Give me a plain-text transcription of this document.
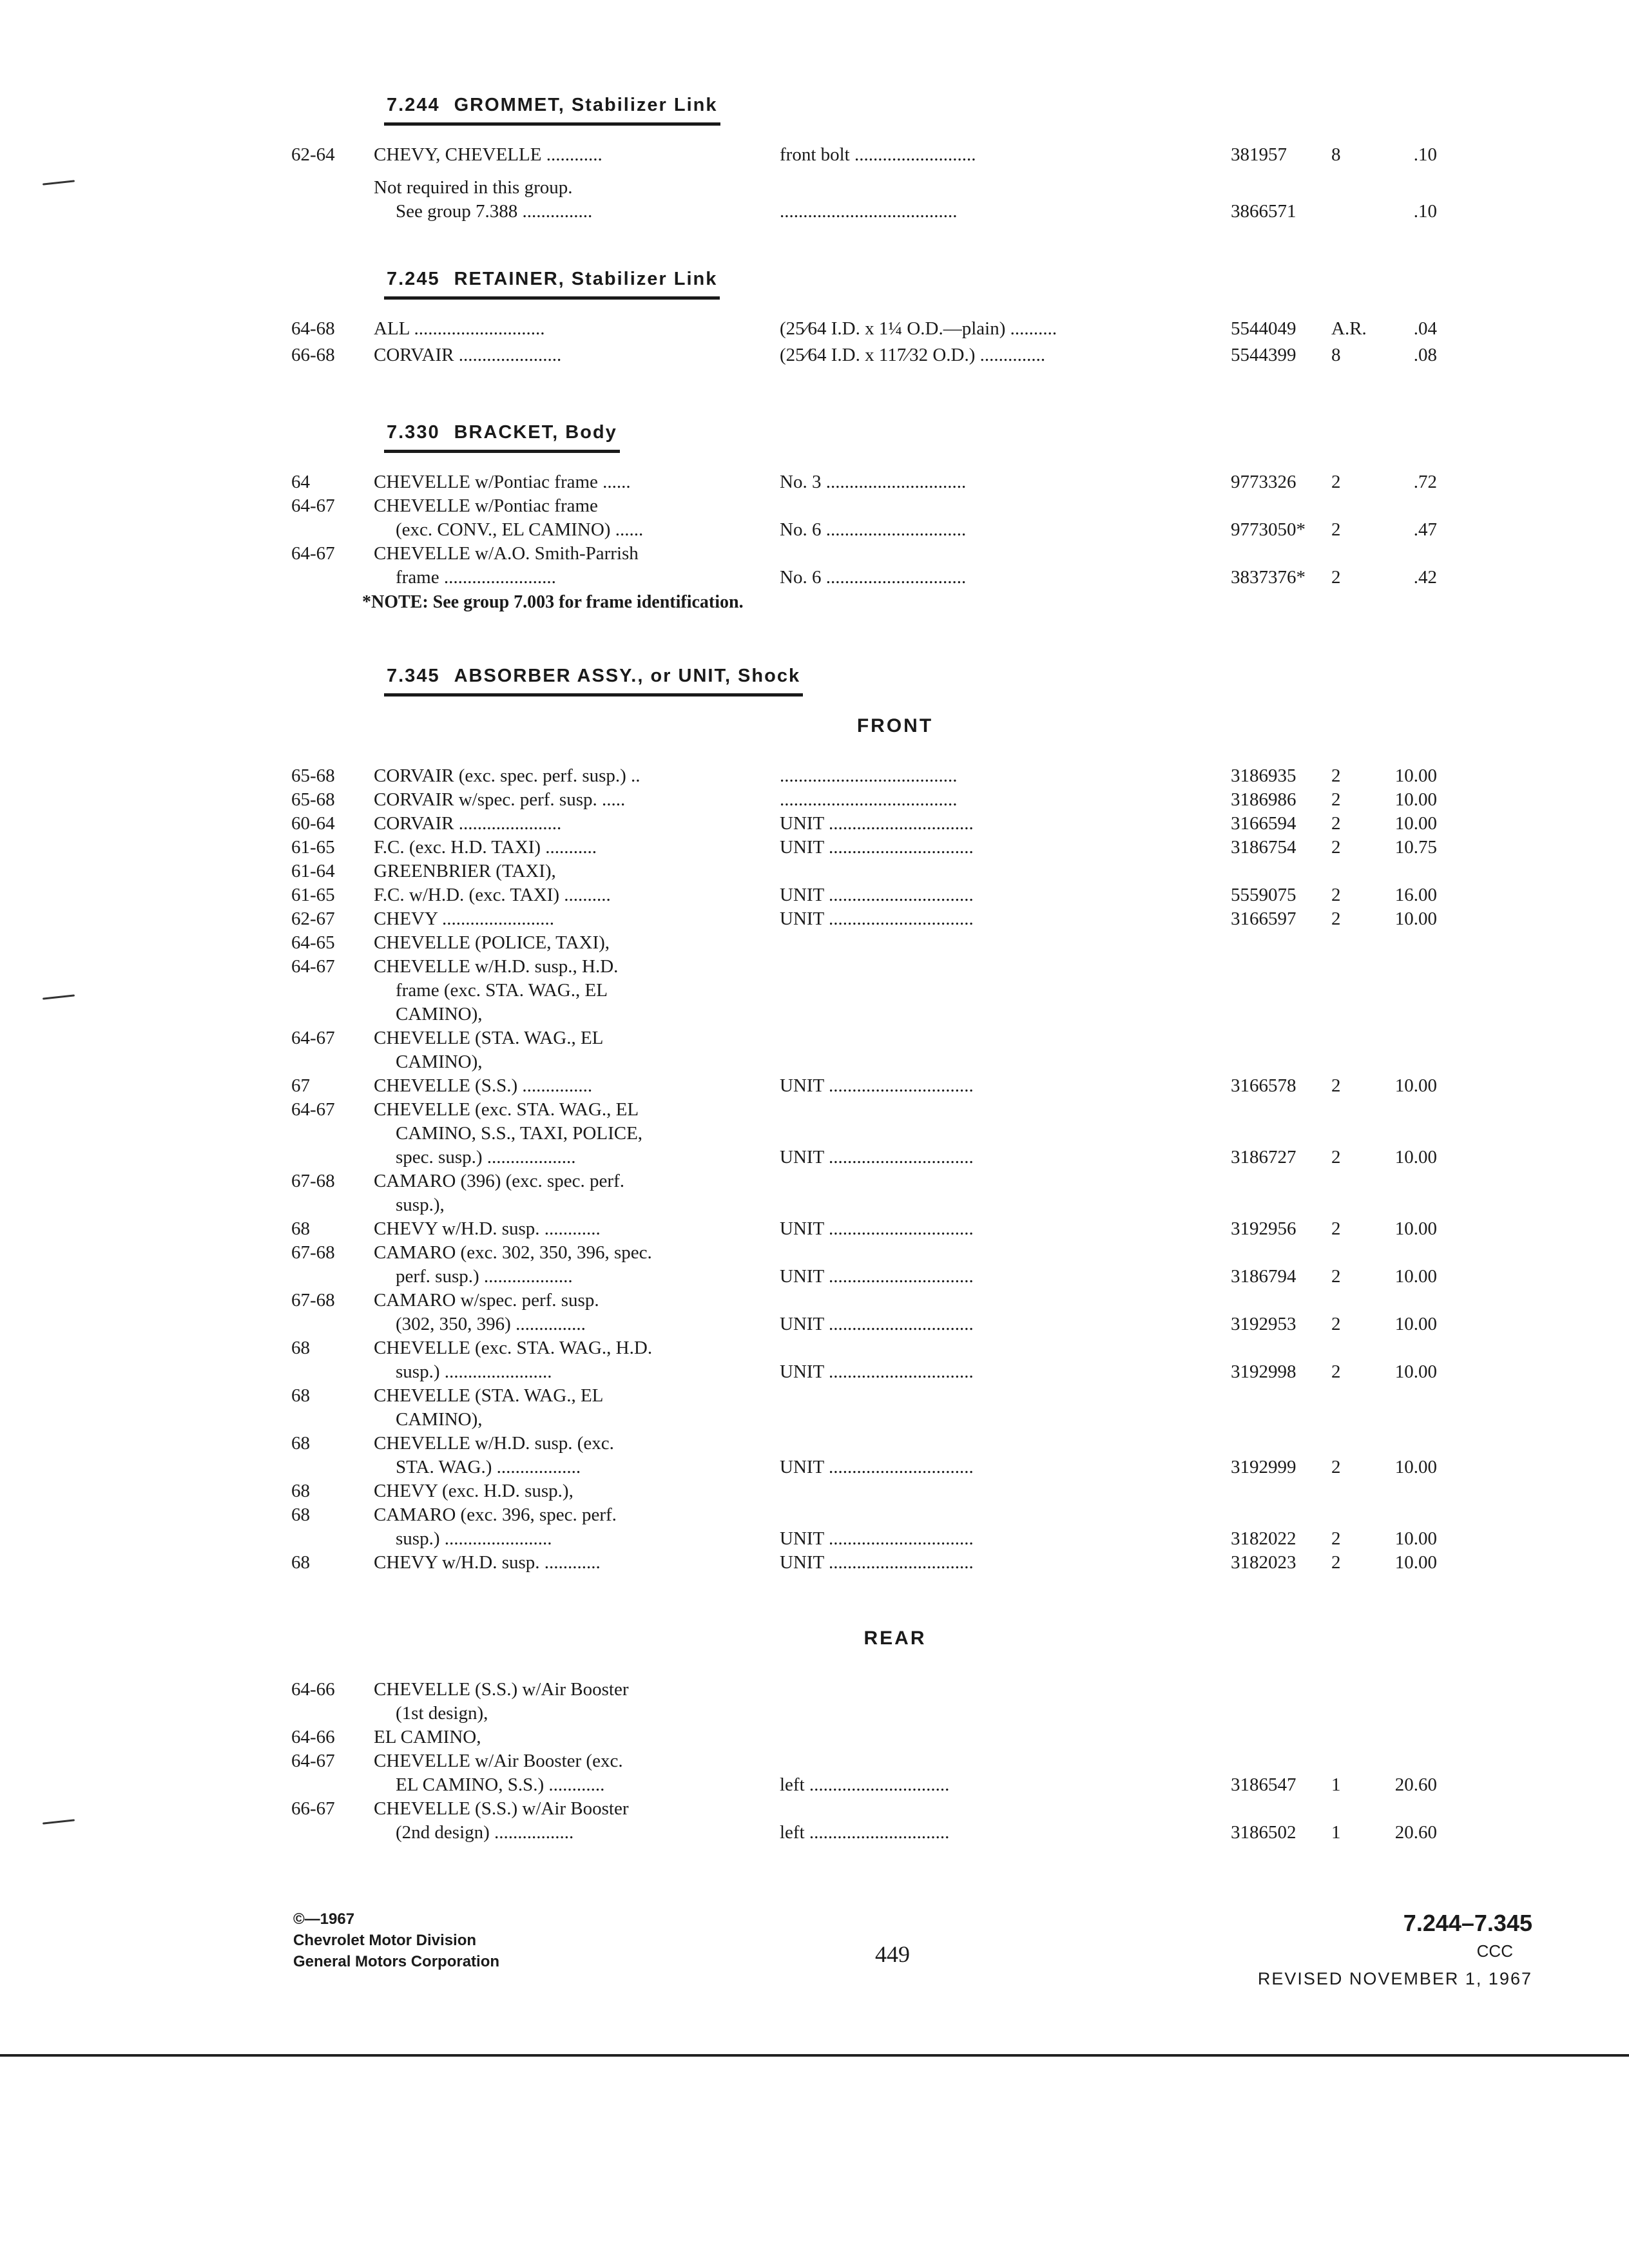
7.244 GROMMET, Stabilizer Link
7.245 RETAINER, Stabilizer Link
7.330 BRACKET, Body
*NOTE: See group 7.003 for frame identification.
7.345 ABSORBER ASSY., or UNIT, Shock
FRONT
REAR
©—1967
Chevrolet Motor Division
General Motors Corporation	449
7.244–7.345
CCC
REVISED NOVEMBER 1, 1967
62-64 CHEVY, CHEVELLE ............	front bolt ..........................	381957 8	.10
Not required in this group.
See group 7.388 ...............	......................................	3866571	.10
64-68 ALL ............................	(25⁄64 I.D. x 1¼ O.D.—plain) ..........	5544049 A.R.	.04
66-68 CORVAIR ......................	(25⁄64 I.D. x 117⁄32 O.D.) ..............	5544399 8	.08
64	CHEVELLE w/Pontiac frame ......	No. 3 ..............................	9773326 2	.72
64-67 CHEVELLE w/Pontiac frame
(exc. CONV., EL CAMINO) ......	No. 6 ..............................	9773050* 2	.47
64-67 CHEVELLE w/A.O. Smith-Parrish
frame ........................	No. 6 ..............................	3837376* 2	.42
65-68 CORVAIR (exc. spec. perf. susp.) ..	......................................	3186935 2	10.00
65-68 CORVAIR w/spec. perf. susp. .....	......................................	3186986 2	10.00
60-64 CORVAIR ......................	UNIT ...............................	3166594 2	10.00
61-65 F.C. (exc. H.D. TAXI) ...........	UNIT ...............................	3186754 2	10.75
61-64 GREENBRIER (TAXI),
61-65 F.C. w/H.D. (exc. TAXI) ..........	UNIT ...............................	5559075 2	16.00
62-67 CHEVY ........................	UNIT ...............................	3166597 2	10.00
64-65 CHEVELLE (POLICE, TAXI),
64-67 CHEVELLE w/H.D. susp., H.D.
frame (exc. STA. WAG., EL
CAMINO),
64-67 CHEVELLE (STA. WAG., EL
CAMINO),
67	CHEVELLE (S.S.) ...............	UNIT ...............................	3166578 2	10.00
64-67 CHEVELLE (exc. STA. WAG., EL
CAMINO, S.S., TAXI, POLICE,
spec. susp.) ...................	UNIT ...............................	3186727 2	10.00
67-68 CAMARO (396) (exc. spec. perf.
susp.),
68	CHEVY w/H.D. susp. ............	UNIT ...............................	3192956 2	10.00
67-68 CAMARO (exc. 302, 350, 396, spec.
perf. susp.) ...................	UNIT ...............................	3186794 2	10.00
67-68 CAMARO w/spec. perf. susp.
(302, 350, 396) ...............	UNIT ...............................	3192953 2	10.00
68	CHEVELLE (exc. STA. WAG., H.D.
susp.) .......................	UNIT ...............................	3192998 2	10.00
68	CHEVELLE (STA. WAG., EL
CAMINO),
68	CHEVELLE w/H.D. susp. (exc.
STA. WAG.) ..................	UNIT ...............................	3192999 2	10.00
68	CHEVY (exc. H.D. susp.),
68	CAMARO (exc. 396, spec. perf.
susp.) .......................	UNIT ...............................	3182022 2	10.00
68	CHEVY w/H.D. susp. ............	UNIT ...............................	3182023 2	10.00
64-66 CHEVELLE (S.S.) w/Air Booster
(1st design),
64-66 EL CAMINO,
64-67 CHEVELLE w/Air Booster (exc.
EL CAMINO, S.S.) ............	left ..............................	3186547 1	20.60
66-67 CHEVELLE (S.S.) w/Air Booster
(2nd design) .................	left ..............................	3186502 1	20.60
